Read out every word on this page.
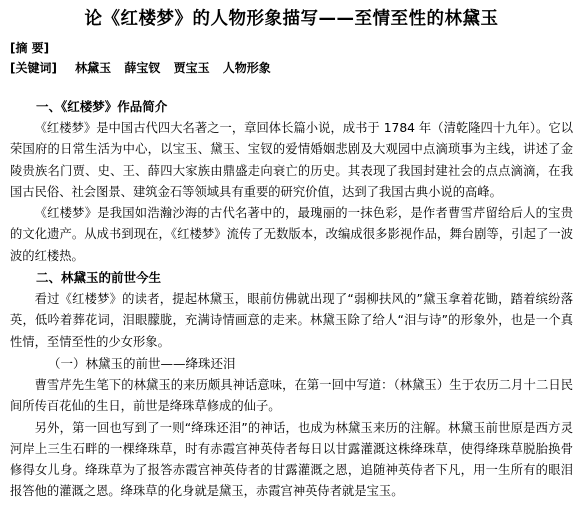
论《红楼梦》的人物形象描写——至情至性的林黛玉
[摘 要]
[关键词] 林黛玉 薛宝钗 贾宝玉 人物形象
一、《红楼梦》作品简介

《红楼梦》是中国古代四大名著之一，章回体长篇小说，成书于 1784 年（清乾隆四十九年）。它以荣国府的日常生活为中心，以宝玉、黛玉、宝钗的爱情婚姻悲剧及大观园中点滴琐事为主线，讲述了金陵贵族名门贾、史、王、薛四大家族由鼎盛走向衰亡的历史。其表现了我国封建社会的点点滴滴，在我国古民俗、社会图景、建筑金石等领域具有重要的研究价值，达到了我国古典小说的高峰。

《红楼梦》是我国如浩瀚沙海的古代名著中的，最瑰丽的一抹色彩，是作者曹雪芹留给后人的宝贵的文化遗产。从成书到现在，《红楼梦》流传了无数版本，改编成很多影视作品，舞台剧等，引起了一波波的红楼热。

二、林黛玉的前世今生

看过《红楼梦》的读者，提起林黛玉，眼前仿佛就出现了“弱柳扶风的”黛玉拿着花锄，踏着缤纷落英，低吟着葬花词，泪眼朦胧，充满诗情画意的走来。林黛玉除了给人“泪与诗”的形象外，也是一个真性情，至情至性的少女形象。

（一）林黛玉的前世——绛珠还泪

曹雪芹先生笔下的林黛玉的来历颇具神话意味，在第一回中写道：（林黛玉）生于农历二月十二日民间所传百花仙的生日，前世是绛珠草修成的仙子。

另外，第一回也写到了一则“绛珠还泪”的神话，也成为林黛玉来历的注解。林黛玉前世原是西方灵河岸上三生石畔的一棵绛珠草，时有赤霞宫神英侍者每日以甘露灌溉这株绛珠草，使得绛珠草脱胎换骨修得女儿身。绛珠草为了报答赤霞宫神英侍者的甘露灌溉之恩，追随神英侍者下凡，用一生所有的眼泪报答他的灌溉之恩。绛珠草的化身就是黛玉，赤霞宫神英侍者就是宝玉。
